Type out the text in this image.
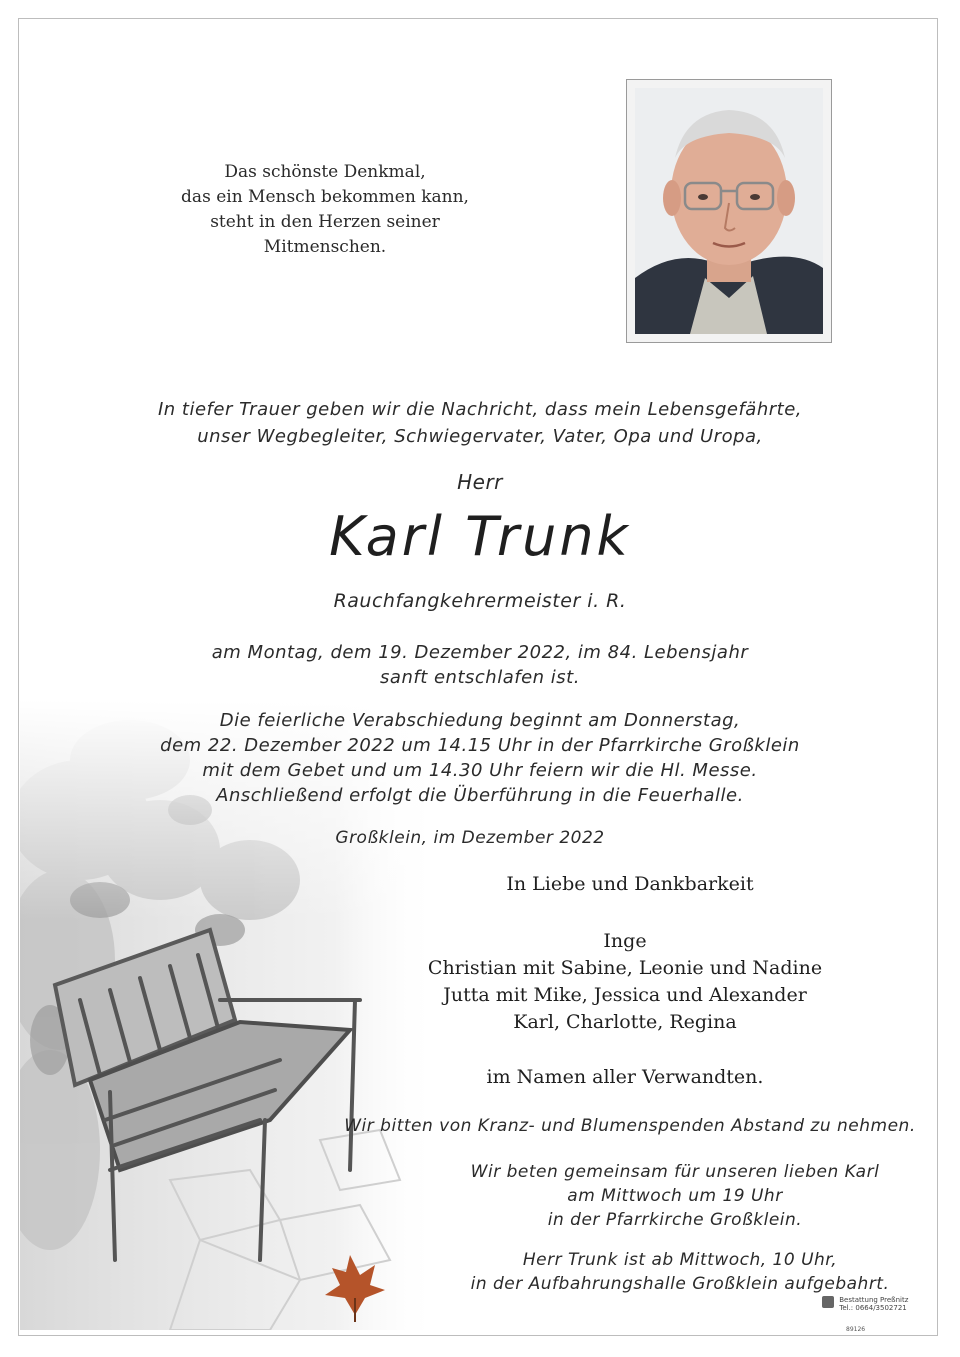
Das schönste Denkmal,
das ein Mensch bekommen kann,
steht in den Herzen seiner Mitmenschen.
In tiefer Trauer geben wir die Nachricht, dass mein Lebensgefährte,
unser Wegbegleiter, Schwiegervater, Vater, Opa und Uropa,
Herr
Karl Trunk
Rauchfangkehrermeister i. R.
am Montag, dem 19. Dezember 2022, im 84. Lebensjahr
sanft entschlafen ist.
Die feierliche Verabschiedung beginnt am Donnerstag,
dem 22. Dezember 2022 um 14.15 Uhr in der Pfarrkirche Großklein
mit dem Gebet und um 14.30 Uhr feiern wir die Hl. Messe.
Anschließend erfolgt die Überführung in die Feuerhalle.
Großklein, im Dezember 2022
In Liebe und Dankbarkeit
Inge
Christian mit Sabine, Leonie und Nadine
Jutta mit Mike, Jessica und Alexander
Karl, Charlotte, Regina
im Namen aller Verwandten.
Wir bitten von Kranz- und Blumenspenden Abstand zu nehmen.
Wir beten gemeinsam für unseren lieben Karl
am Mittwoch um 19 Uhr
in der Pfarrkirche Großklein.
Herr Trunk ist ab Mittwoch, 10 Uhr,
in der Aufbahrungshalle Großklein aufgebahrt.

Bestattung Preßnitz
Tel.: 0664/3502721
89126
